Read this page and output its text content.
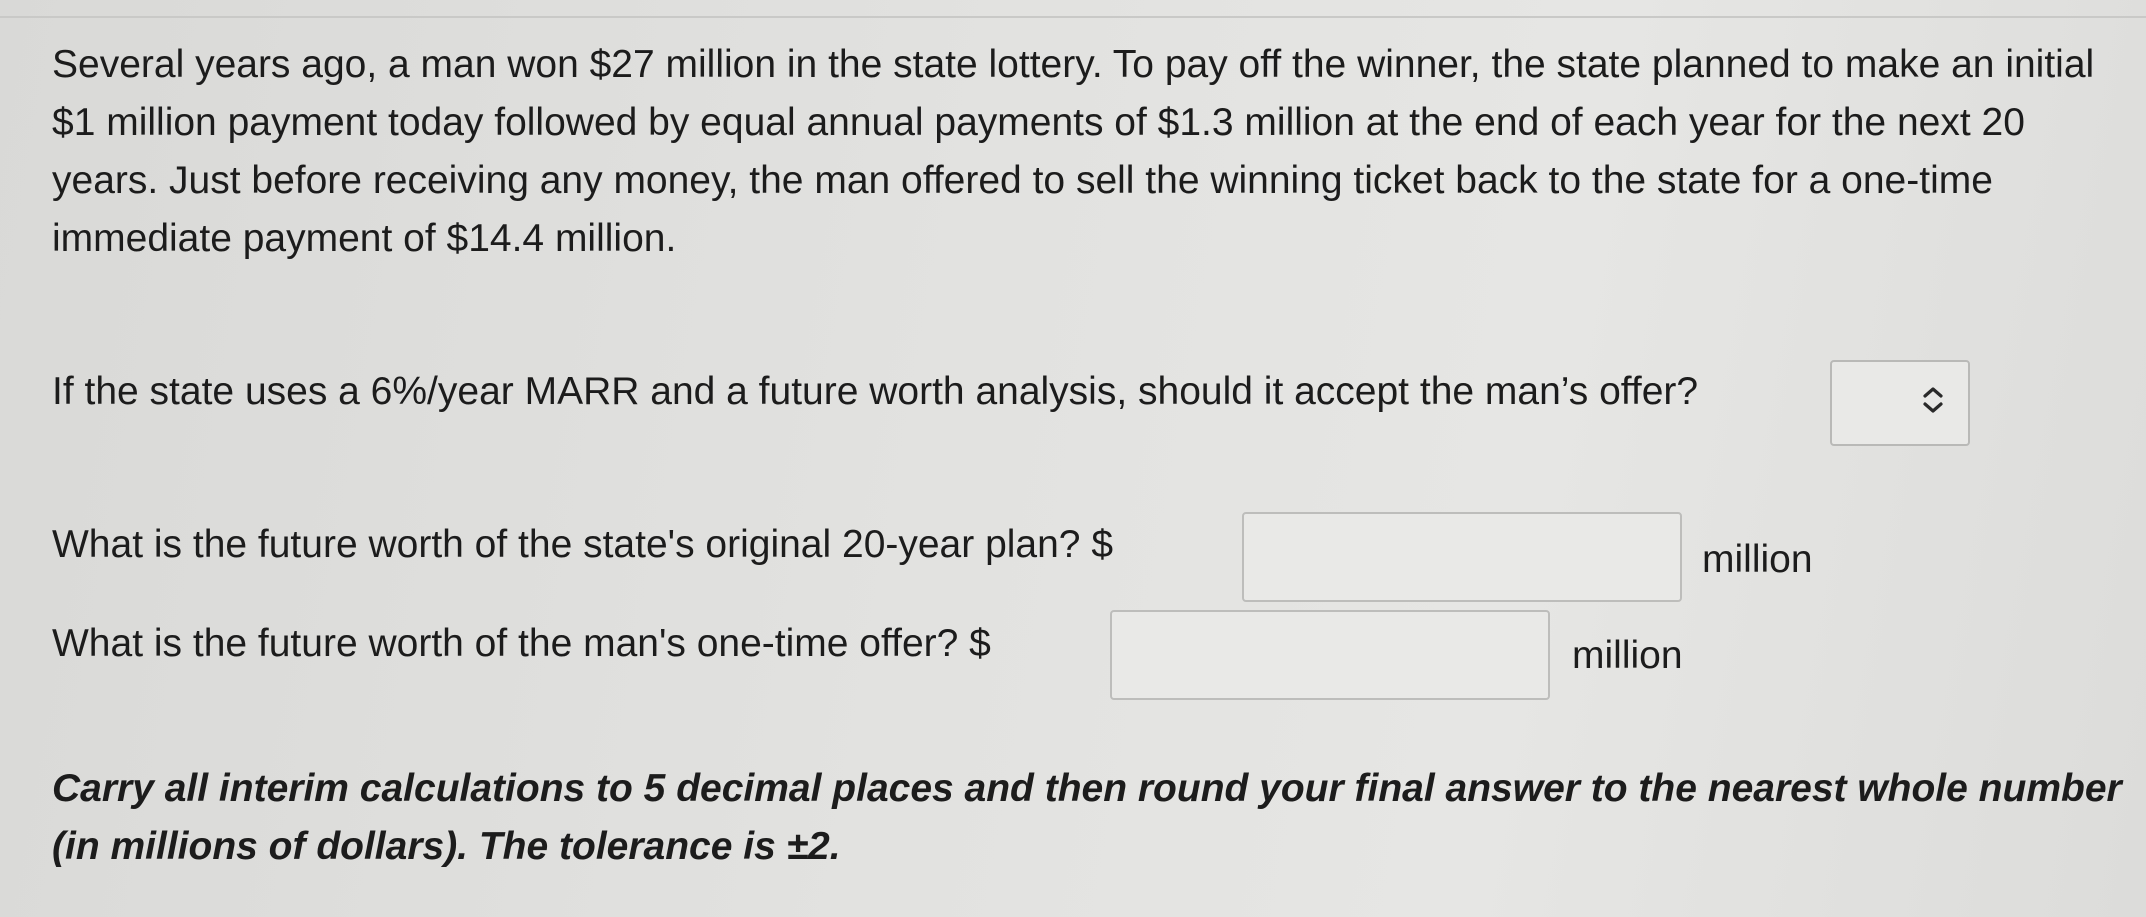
Several years ago, a man won $27 million in the state lottery. To pay off the winner, the state planned to make an initial $1 million payment today followed by equal annual payments of $1.3 million at the end of each year for the next 20 years. Just before receiving any money, the man offered to sell the winning ticket back to the state for a one-time immediate payment of $14.4 million.
If the state uses a 6%/year MARR and a future worth analysis, should it accept the man’s offer?
What is the future worth of the state's original 20-year plan? $	million
What is the future worth of the man's one-time offer? $	million
Carry all interim calculations to 5 decimal places and then round your final answer to the nearest whole number (in millions of dollars). The tolerance is ±2.
